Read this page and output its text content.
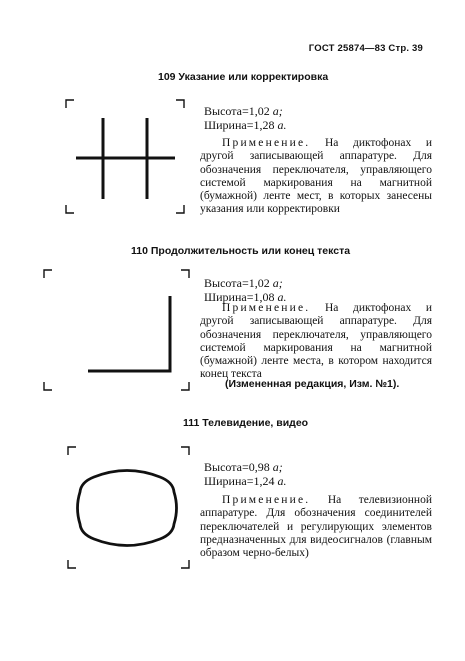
ГОСТ 25874—83 Стр. 39
109 Указание или корректировка
Высота=1,02 a;
Ширина=1,28 a.
Применение. На диктофонах и другой записывающей аппаратуре. Для обозначения переключателя, управляющего системой маркирования на магнитной (бумажной) ленте мест, в которых занесены указания или корректировки
110 Продолжительность или конец текста
Высота=1,02 a;
Ширина=1,08 a.
Применение. На диктофонах и другой записывающей аппаратуре. Для обозначения переключателя, управляющего системой маркирования на магнитной (бумажной) ленте места, в котором находится конец текста
(Измененная редакция, Изм. №1).
111 Телевидение, видео
Высота=0,98 a;
Ширина=1,24 a.
Применение. На телевизионной аппаратуре. Для обозначения соединителей переключателей и регулирующих элементов предназначенных для видеосигналов (главным образом черно-белых)
